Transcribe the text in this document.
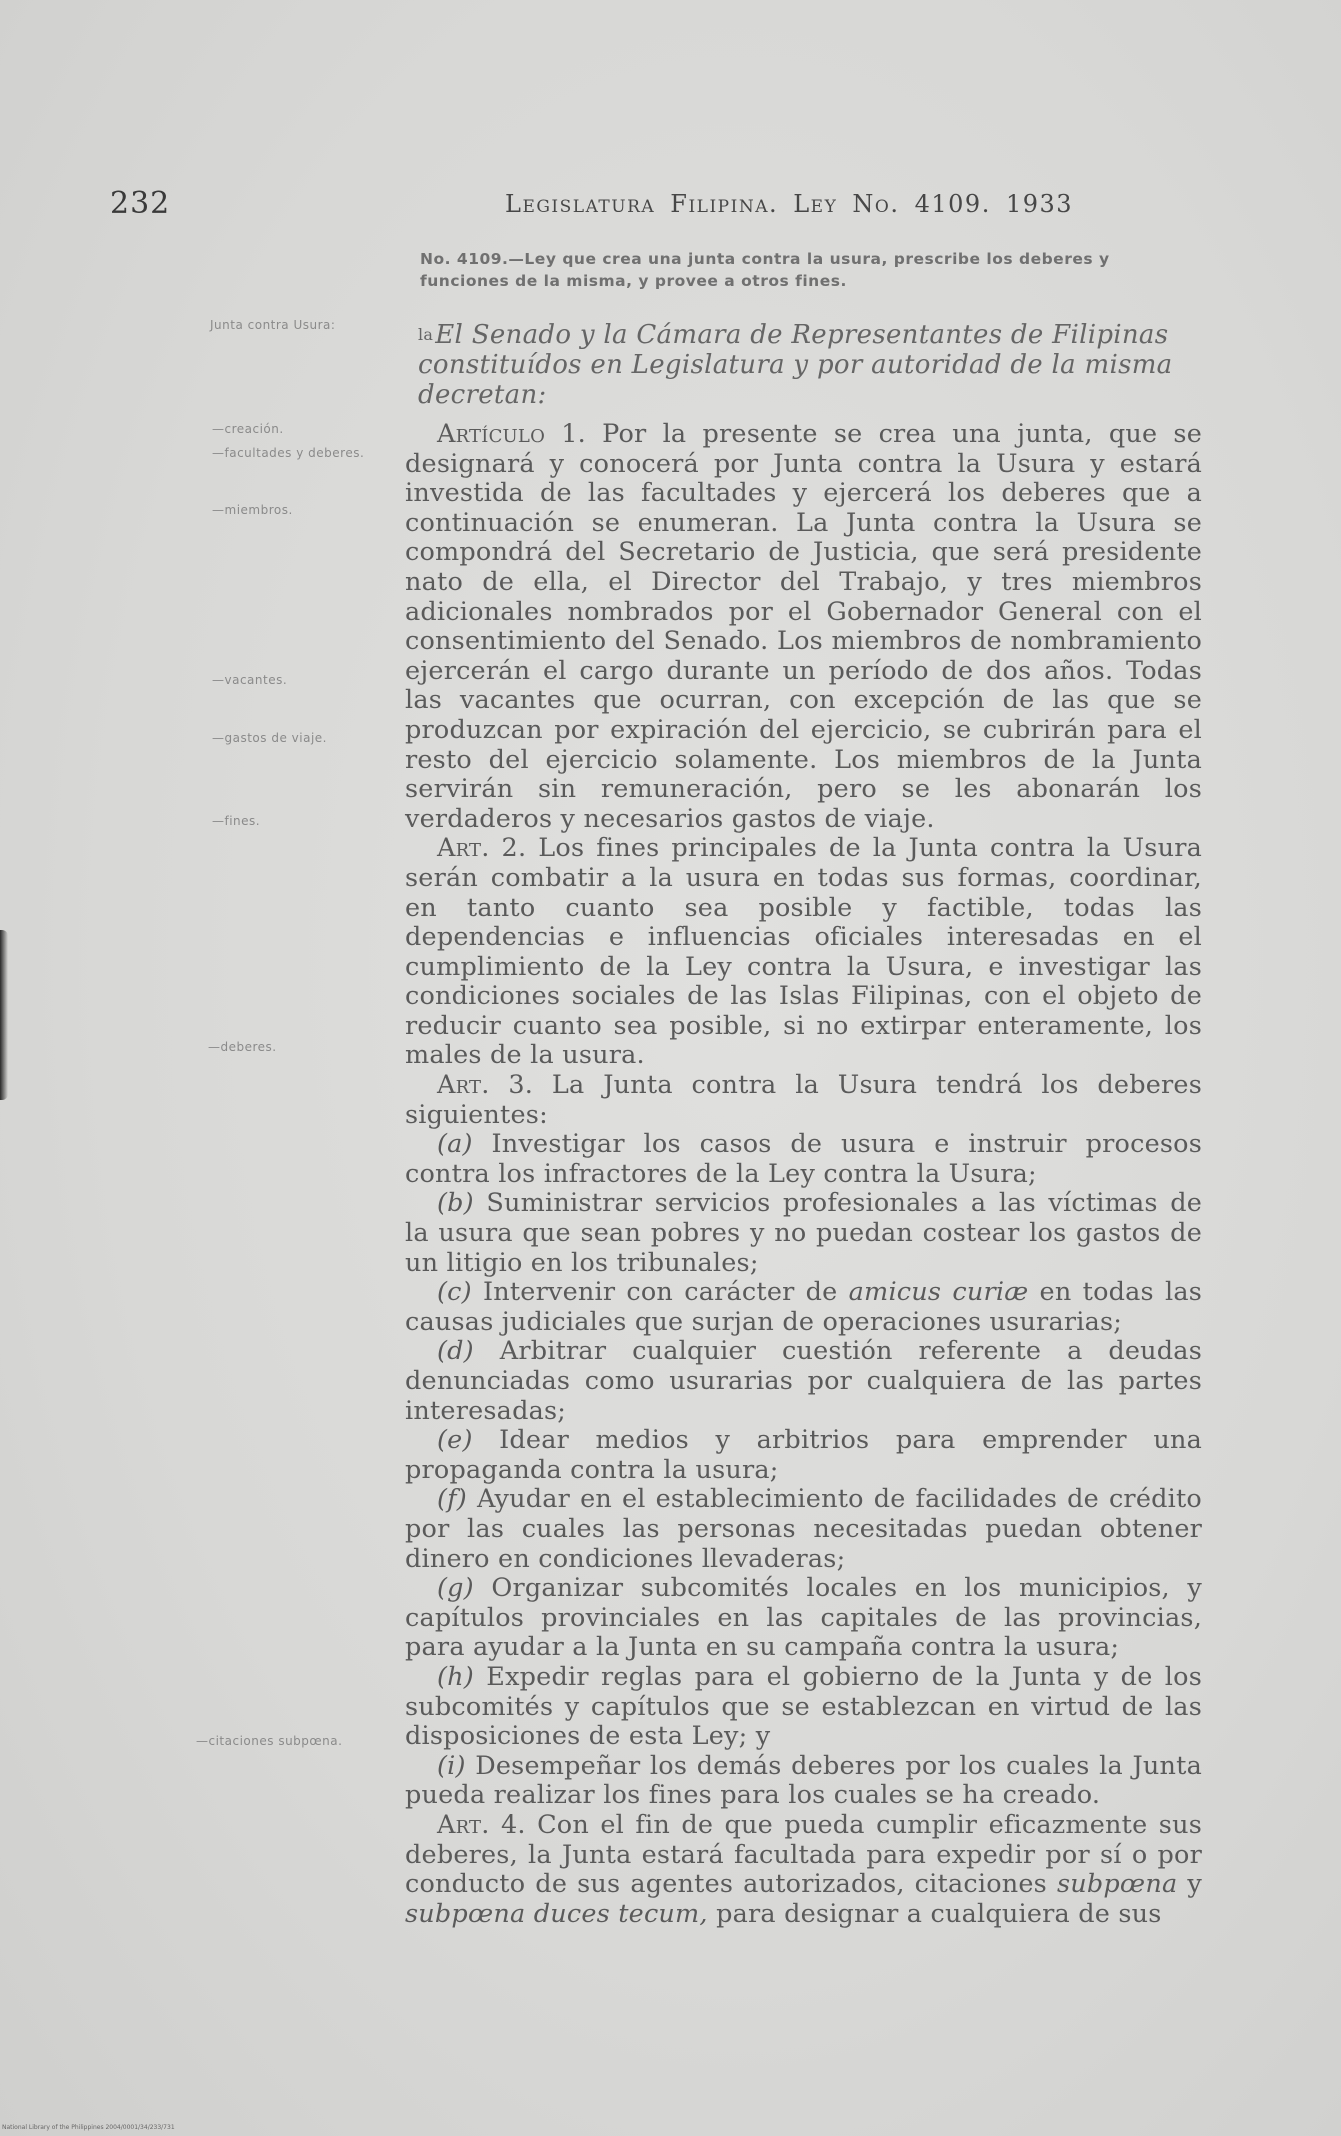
232	Legislatura Filipina. Ley No. 4109. 1933
No. 4109.—Ley que crea una junta contra la usura, prescribe los deberes y funciones de la misma, y provee a otros fines.
$^{la}$El Senado y la Cámara de Representantes de Filipinas constituídos en Legislatura y por autoridad de la misma decretan:
Junta contra Usura:
—creación.
—facultades y deberes.
—miembros.
—vacantes.
—gastos de viaje.
—fines.
—deberes.
—citaciones subpœna.

Artículo 1. Por la presente se crea una junta, que se designará y conocerá por Junta contra la Usura y estará investida de las facultades y ejercerá los deberes que a continuación se enumeran. La Junta contra la Usura se compondrá del Secretario de Justicia, que será presidente nato de ella, el Director del Trabajo, y tres miembros adicionales nombrados por el Gobernador General con el consentimiento del Senado. Los miembros de nombramiento ejercerán el cargo durante un período de dos años. Todas las vacantes que ocurran, con excepción de las que se produzcan por expiración del ejercicio, se cubrirán para el resto del ejercicio solamente. Los miembros de la Junta servirán sin remuneración, pero se les abonarán los verdaderos y necesarios gastos de viaje.

Art. 2. Los fines principales de la Junta contra la Usura serán combatir a la usura en todas sus formas, coordinar, en tanto cuanto sea posible y factible, todas las dependencias e influencias oficiales interesadas en el cumplimiento de la Ley contra la Usura, e investigar las condiciones sociales de las Islas Filipinas, con el objeto de reducir cuanto sea posible, si no extirpar enteramente, los males de la usura.

Art. 3. La Junta contra la Usura tendrá los deberes siguientes:

(a) Investigar los casos de usura e instruir procesos contra los infractores de la Ley contra la Usura;

(b) Suministrar servicios profesionales a las víctimas de la usura que sean pobres y no puedan costear los gastos de un litigio en los tribunales;

(c) Intervenir con carácter de amicus curiæ en todas las causas judiciales que surjan de operaciones usurarias;

(d) Arbitrar cualquier cuestión referente a deudas denunciadas como usurarias por cualquiera de las partes interesadas;

(e) Idear medios y arbitrios para emprender una propaganda contra la usura;

(f) Ayudar en el establecimiento de facilidades de crédito por las cuales las personas necesitadas puedan obtener dinero en condiciones llevaderas;

(g) Organizar subcomités locales en los municipios, y capítulos provinciales en las capitales de las provincias, para ayudar a la Junta en su campaña contra la usura;

(h) Expedir reglas para el gobierno de la Junta y de los subcomités y capítulos que se establezcan en virtud de las disposiciones de esta Ley; y

(i) Desempeñar los demás deberes por los cuales la Junta pueda realizar los fines para los cuales se ha creado.

Art. 4. Con el fin de que pueda cumplir eficazmente sus deberes, la Junta estará facultada para expedir por sí o por conducto de sus agentes autorizados, citaciones subpœna y subpœna duces tecum, para designar a cualquiera de sus

National Library of the Philippines 2004/0001/34/233/731
